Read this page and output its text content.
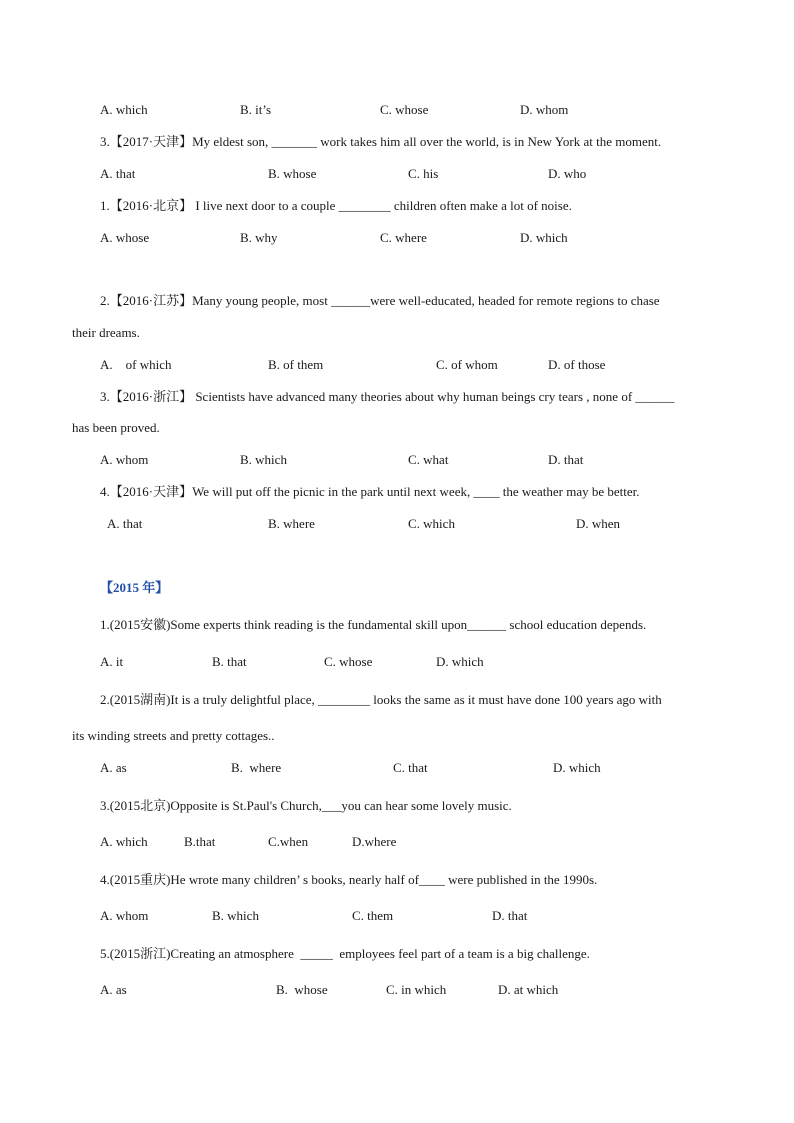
A. which	B. it’s	C. whose	D. whom
3.【2017·天津】My eldest son, _______ work takes him all over the world, is in New York at the moment.
A. that	B. whose	C. his	D. who
1.【2016·北京】 I live next door to a couple ________ children often make a lot of noise.
A. whose	B. why	C. where	D. which
2.【2016·江苏】Many young people, most ______were well-educated, headed for remote regions to chase
their dreams.
A.    of which	B. of them	C. of whom	D. of those
3.【2016·浙江】 Scientists have advanced many theories about why human beings cry tears , none of ______
has been proved.
A. whom	B. which	C. what	D. that
4.【2016·天津】We will put off the picnic in the park until next week, ____ the weather may be better.
A. that	B. where	C. which	D. when
【2015 年】
1.(2015安徽)Some experts think reading is the fundamental skill upon______ school education depends.
A. it	B. that	C. whose	D. which
2.(2015湖南)It is a truly delightful place, ________ looks the same as it must have done 100 years ago with
its winding streets and pretty cottages..
A. as	B.  where	C. that	D. which
3.(2015北京)Opposite is St.Paul's Church,___you can hear some lovely music.
A. which	B.that	C.when	D.where
4.(2015重庆)He wrote many children’ s books, nearly half of____ were published in the 1990s.
A. whom	B. which	C. them	D. that
5.(2015浙江)Creating an atmosphere  _____  employees feel part of a team is a big challenge.
A. as	B.  whose	C. in which	D. at which
